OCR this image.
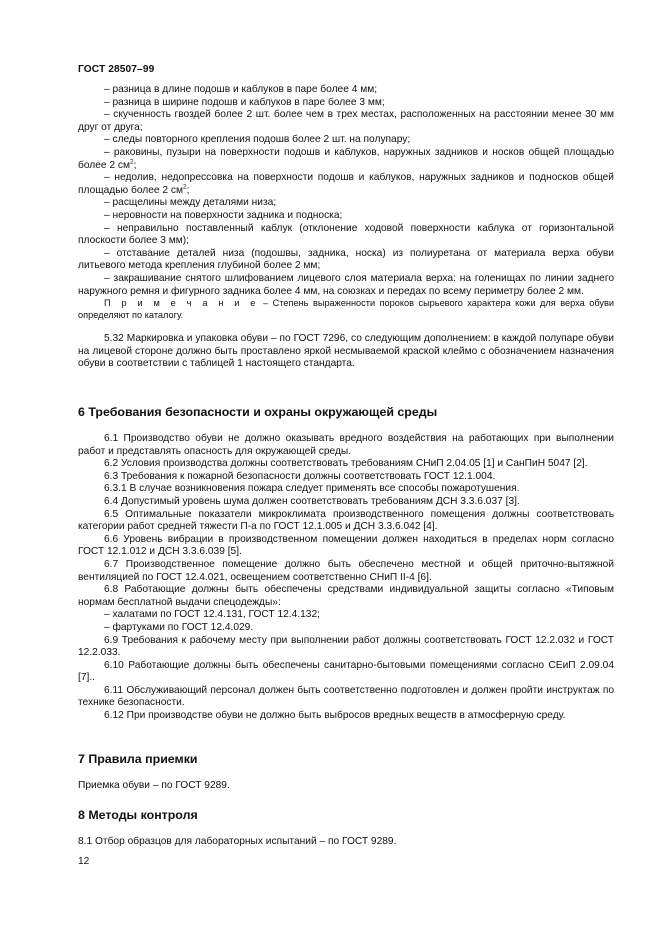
ГОСТ 28507–99

– разница в длине подошв и каблуков в паре более 4 мм;

– разница в ширине подошв и каблуков в паре более 3 мм;

– скученность гвоздей более 2 шт. более чем в трех местах, расположенных на расстоянии менее 30 мм друг от друга;

– следы повторного крепления подошв более 2 шт. на полупару;

– раковины, пузыри на поверхности подошв и каблуков, наружных задников и носков общей площадью более 2 $см^2$;

– недолив, недопрессовка на поверхности подошв и каблуков, наружных задников и подносков общей площадью более 2 $см^2$;

– расщелины между деталями низа;

– неровности на поверхности задника и подноска;

– неправильно поставленный каблук (отклонение ходовой поверхности каблука от горизонтальной плоскости более 3 мм);

– отставание деталей низа (подошвы, задника, носка) из полиуретана от материала верха обуви литьевого метода крепления глубиной более 2 мм;

– закрашивание снятого шлифованием лицевого слоя материала верха: на голенищах по линии заднего наружного ремня и фигурного задника более 4 мм, на союзках и передах по всему периметру более 2 мм.

П р и м е ч а н и е – Степень выраженности пороков сырьевого характера кожи для верха обуви определяют по каталогу.

5.32 Маркировка и упаковка обуви – по ГОСТ 7296, со следующим дополнением: в каждой полупаре обуви на лицевой стороне должно быть проставлено яркой несмываемой краской клеймо с обозначением назначения обуви в соответствии с таблицей 1 настоящего стандарта.

6 Требования безопасности и охраны окружающей среды

6.1 Производство обуви не должно оказывать вредного воздействия на работающих при выполнении работ и представлять опасность для окружающей среды.

6.2 Условия производства должны соответствовать требованиям СНиП 2.04.05 [1] и СанПиН 5047 [2].

6.3 Требования к пожарной безопасности должны соответствовать ГОСТ 12.1.004.

6.3.1 В случае возникновения пожара следует применять все способы пожаротушения.

6.4 Допустимый уровень шума должен соответствовать требованиям ДСН 3.3.6.037 [3].

6.5 Оптимальные показатели микроклимата производственного помещения должны соответствовать категории работ средней тяжести П-а по ГОСТ 12.1.005 и ДСН 3.3.6.042 [4].

6.6 Уровень вибрации в производственном помещении должен находиться в пределах норм согласно ГОСТ 12.1.012 и ДСН 3.3.6.039 [5].

6.7 Производственное помещение должно быть обеспечено местной и общей приточно-вытяжной вентиляцией по ГОСТ 12.4.021, освещением соответственно СНиП II-4 [6].

6.8 Работающие должны быть обеспечены средствами индивидуальной защиты согласно «Типовым нормам бесплатной выдачи спецодежды»:

– халатами по ГОСТ 12.4.131, ГОСТ 12.4.132;

– фартуками по ГОСТ 12.4.029.

6.9 Требования к рабочему месту при выполнении работ должны соответствовать ГОСТ 12.2.032 и ГОСТ 12.2.033.

6.10 Работающие должны быть обеспечены санитарно-бытовыми помещениями согласно СЕиП 2.09.04 [7]..

6.11 Обслуживающий персонал должен быть соответственно подготовлен и должен пройти инструктаж по технике безопасности.

6.12 При производстве обуви не должно быть выбросов вредных веществ в атмосферную среду.

7 Правила приемки
Приемка обуви – по ГОСТ 9289.
8 Методы контроля
8.1 Отбор образцов для лабораторных испытаний – по ГОСТ 9289.
12
